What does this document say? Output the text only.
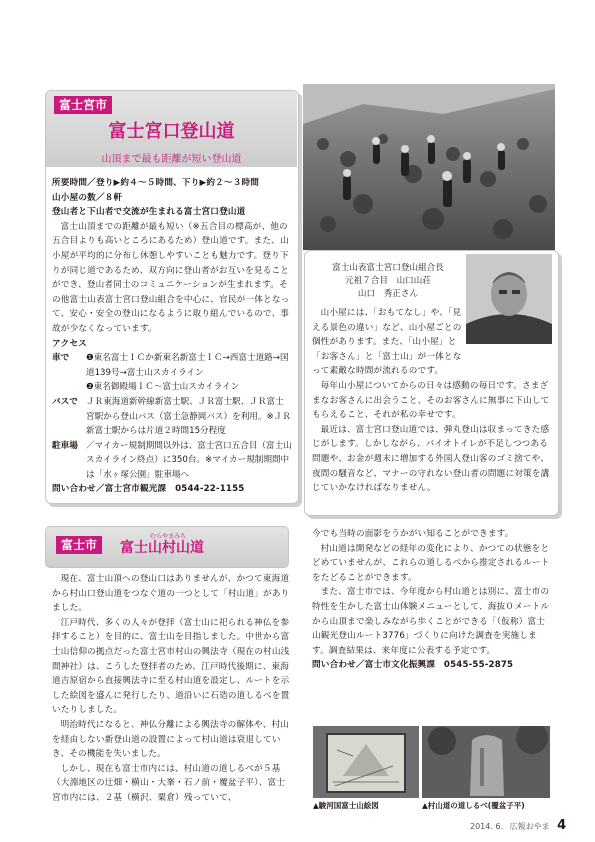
富士宮市
富士宮口登山道
山頂まで最も距離が短い登山道

所要時間／登り▶約４～５時間、下り▶約２～３時間

山小屋の数／８軒

登山者と下山者で交流が生まれる富士宮口登山道

富士山頂までの距離が最も短い（※五合目の標高が、他の五合目よりも高いところにあるため）登山道です。また、山小屋が平均的に分布し休憩しやすいことも魅力です。登り下りが同じ道であるため、双方向に登山者がお互いを見ることができ、登山者同士のコミュニケーションが生まれます。その他富士山表富士宮口登山組合を中心に、官民が一体となって、安心・安全の登山になるように取り組んでいるので、事故が少なくなっています。

アクセス

車で	❶東名富士ＩＣか新東名新富士ＩＣ→西富士道路→国道139号→富士山スカイライン
	❷東名御殿場ＩＣ～富士山スカイライン
バスで	ＪＲ東海道新幹線新富士駅、ＪＲ富士駅、ＪＲ富士宮駅から登山バス（富士急静岡バス）を利用。※ＪＲ新富士駅からは片道２時間15分程度
駐車場	／マイカー規制期間以外は、富士宮口五合目（富士山スカイライン終点）に350台。※マイカー規制期間中は「水ヶ塚公園」駐車場へ

問い合わせ／富士宮市観光課　0544-22-1155

富士山表富士宮口登山組合長
元祖７合目　山口山荘
山口　秀正さん

山小屋には、「おもてなし」や、「見える景色の違い」など、山小屋ごとの個性があります。また、「山小屋」と「お客さん」と「富士山」が一体となって素敵な時間が流れるのです。

毎年山小屋についてからの日々は感動の毎日です。さまざまなお客さんに出会うこと、そのお客さんに無事に下山してもらえること、それが私の幸せです。

最近は、富士宮口登山道では、弾丸登山は収まってきた感じがします。しかしながら、バイオトイレが不足しつつある問題や、お金が週末に増加する外国人登山客のゴミ捨てや、夜間の騒音など、マナーの守れない登山者の問題に対策を講じていかなければなりません。

富士市
むらやまみち
富士山村山道

現在、富士山頂への登山口はありませんが、かつて東海道から村山口登山道をつなぐ道の一つとして「村山道」がありました。

江戸時代、多くの人々が登拝（富士山に祀られる神仏を参拝すること）を目的に、富士山を目指しました。中世から富士山信仰の拠点だった富士宮市村山の興法寺（現在の村山浅間神社）は、こうした登拝者のため、江戸時代後期に、東海道吉原宿から直接興法寺に至る村山道を設定し、ルートを示した絵図を盛んに発行したり、道沿いに石造の道しるべを置いたりしました。

明治時代になると、神仏分離による興法寺の解体や、村山を経由しない新登山道の設置によって村山道は衰退していき、その機能を失いました。

しかし、現在も富士市内には、村山道の道しるべが５基（大淵地区の辻畑・横山・大峯・石ノ前・覆盆子平）、富士宮市内には、２基（横沢、粟倉）残っていて、

今でも当時の面影をうかがい知ることができます。

村山道は開発などの経年の変化により、かつての状態をとどめていませんが、これらの道しるべから推定されるルートをたどることができます。

また、富士市では、今年度から村山道とは別に、富士市の特性を生かした富士山体験メニューとして、海抜０メートルから山頂まで楽しみながら歩くことができる「（仮称）富士山観光登山ルート3776」づくりに向けた調査を実施します。調査結果は、来年度に公表する予定です。

問い合わせ／富士市文化振興課　0545-55-2875

▲駿河国富士山絵図	▲村山道の道しるべ(覆盆子平)
2014. 6. 広報おやま 4
